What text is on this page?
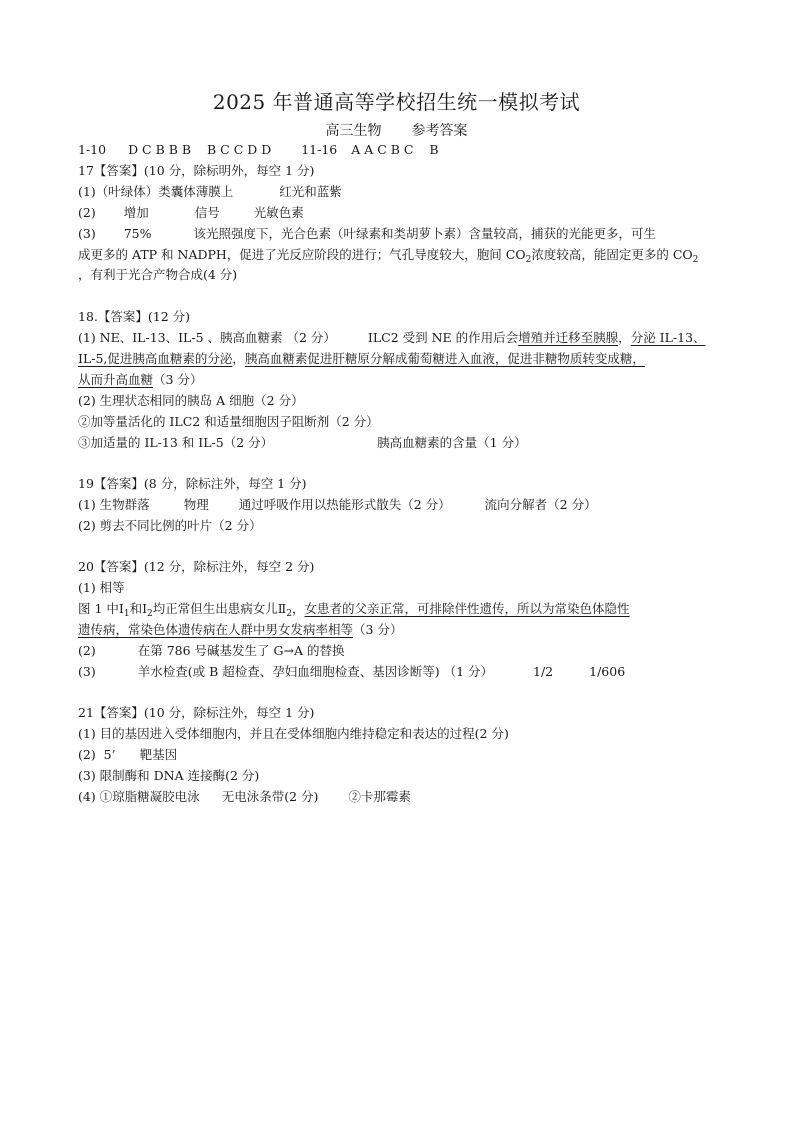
2025 年普通高等学校招生统一模拟考试
高三生物 参考答案
1-10 D C B B B    B C C D D 11-16 A A C B C    B
17【答案】(10 分，除标明外，每空 1 分)
(1)（叶绿体）类囊体薄膜上	红光和蓝紫
(2) 增加	信号	光敏色素
(3) 75%	该光照强度下，光合色素（叶绿素和类胡萝卜素）含量较高，捕获的光能更多，可生
成更多的 ATP 和 NADPH，促进了光反应阶段的进行；气孔导度较大，胞间 $CO_2$浓度较高，能固定更多的 $CO_2$
，有利于光合产物合成(4 分)
18.【答案】(12 分)
(1) NE、IL-13、IL-5 、胰高血糖素 （2 分）	ILC2 受到 NE 的作用后会增殖并迁移至胰腺，分泌 IL-13、
IL-5,促进胰高血糖素的分泌，胰高血糖素促进肝糖原分解成葡萄糖进入血液，促进非糖物质转变成糖，
从而升高血糖（3 分）
(2) 生理状态相同的胰岛 A 细胞（2 分）
②加等量活化的 ILC2 和适量细胞因子阻断剂（2 分）
③加适量的 IL-13 和 IL-5（2 分）	胰高血糖素的含量（1 分）
19【答案】(8 分，除标注外，每空 1 分)
(1) 生物群落	物理 通过呼吸作用以热能形式散失（2 分）	流向分解者（2 分）
(2) 剪去不同比例的叶片（2 分）
20【答案】(12 分，除标注外，每空 2 分)
(1) 相等
图 1 中$Ⅰ_1$和$Ⅰ_2$均正常但生出患病女儿$Ⅱ_2$，女患者的父亲正常，可排除伴性遗传，所以为常染色体隐性
遗传病，常染色体遗传病在人群中男女发病率相等（3 分）
(2)	在第 786 号碱基发生了 G→A 的替换
(3)	羊水检查(或 B 超检查、孕妇血细胞检查、基因诊断等) （1 分）	1/2	1/606
21【答案】(10 分，除标注外，每空 1 分)
(1) 目的基因进入受体细胞内，并且在受体细胞内维持稳定和表达的过程(2 分)
(2)  5’ 靶基因
(3) 限制酶和 DNA 连接酶(2 分)
(4) ①琼脂糖凝胶电泳 无电泳条带(2 分) ②卡那霉素
